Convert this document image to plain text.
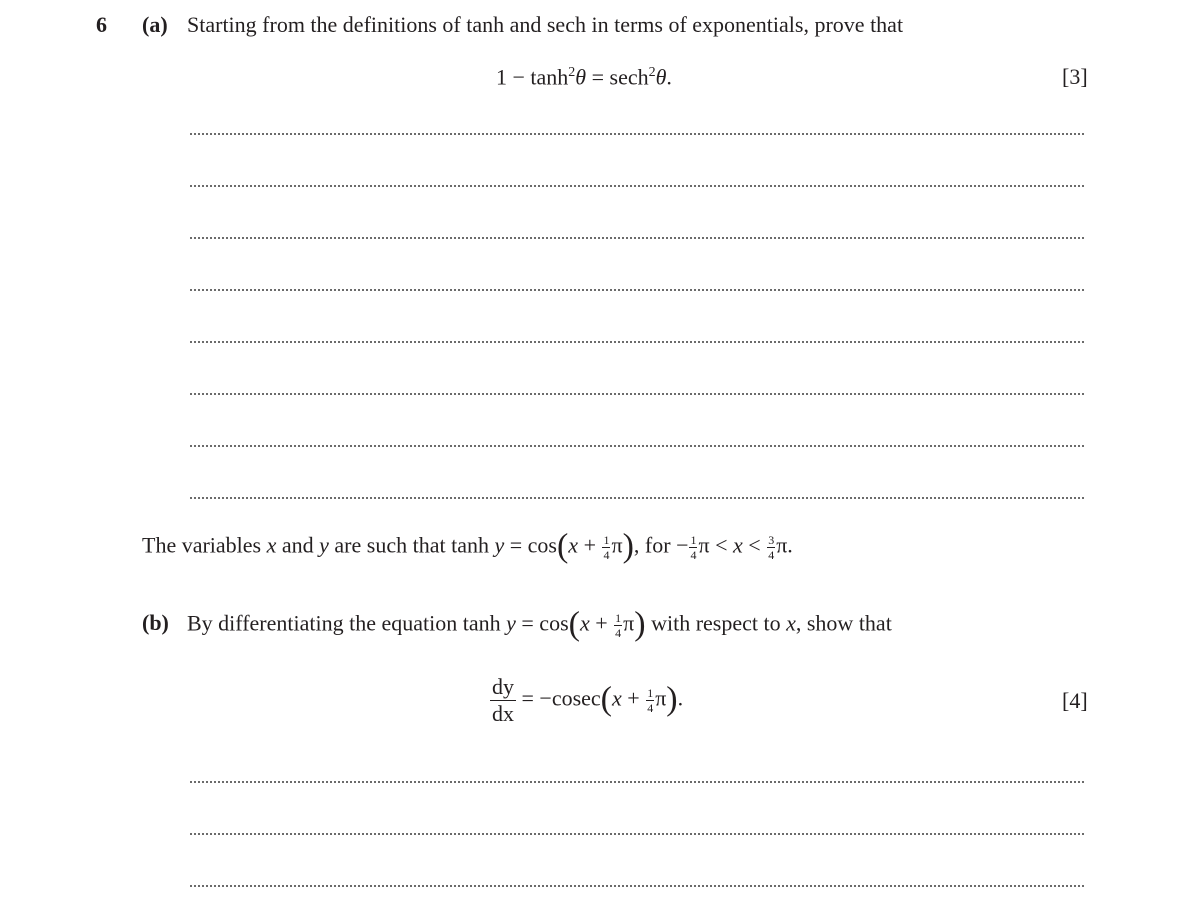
6 (a) Starting from the definitions of tanh and sech in terms of exponentials, prove that
$1 - \tanh^2\theta = \sec h^2\theta$.	[3]
The variables x and y are such that $\tanh y = \cos(x + \frac{1}{4} \pi)$, for − $\frac{1}{4}$ $\pi < x < \frac{3}{4} \pi$.
(b) By differentiating the equation $\tanh y = \cos(x + \frac{1}{4} \pi)$ with respect to x, show that
$\frac{dy}{dx} = -cosec(x + \frac{1}{4} \pi)$.	[4]
